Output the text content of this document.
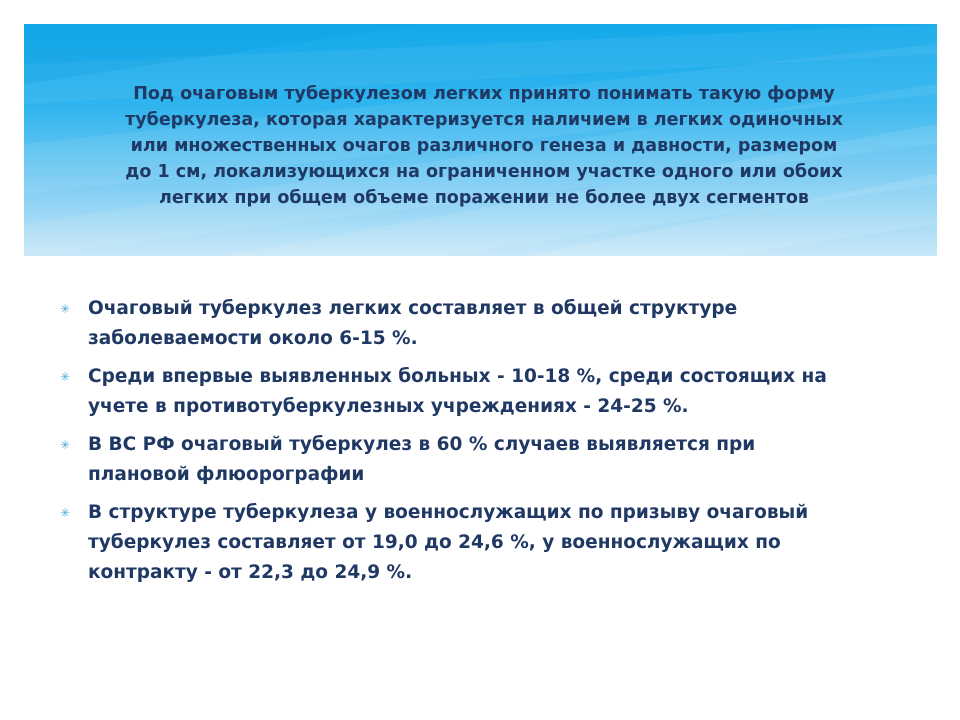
Под очаговым туберкулезом легких принято понимать такую форму туберкулеза, которая характеризуется наличием в легких одиночных или множественных очагов различного генеза и давности, размером до 1 см, локализующихся на ограниченном участке одного или обоих легких при общем объеме поражении не более двух сегментов

✳ Очаговый туберкулез легких составляет в общей структуре заболеваемости около 6-15 %.
✳ Среди впервые выявленных больных - 10-18 %, среди состоящих на учете в противотуберкулезных учреждениях - 24-25 %.
✳ В ВС РФ очаговый туберкулез в 60 % случаев выявляется при плановой флюорографии
✳ В структуре туберкулеза у военнослужащих по призыву очаговый туберкулез составляет от 19,0 до 24,6 %, у военнослужащих по контракту - от 22,3 до 24,9 %.
